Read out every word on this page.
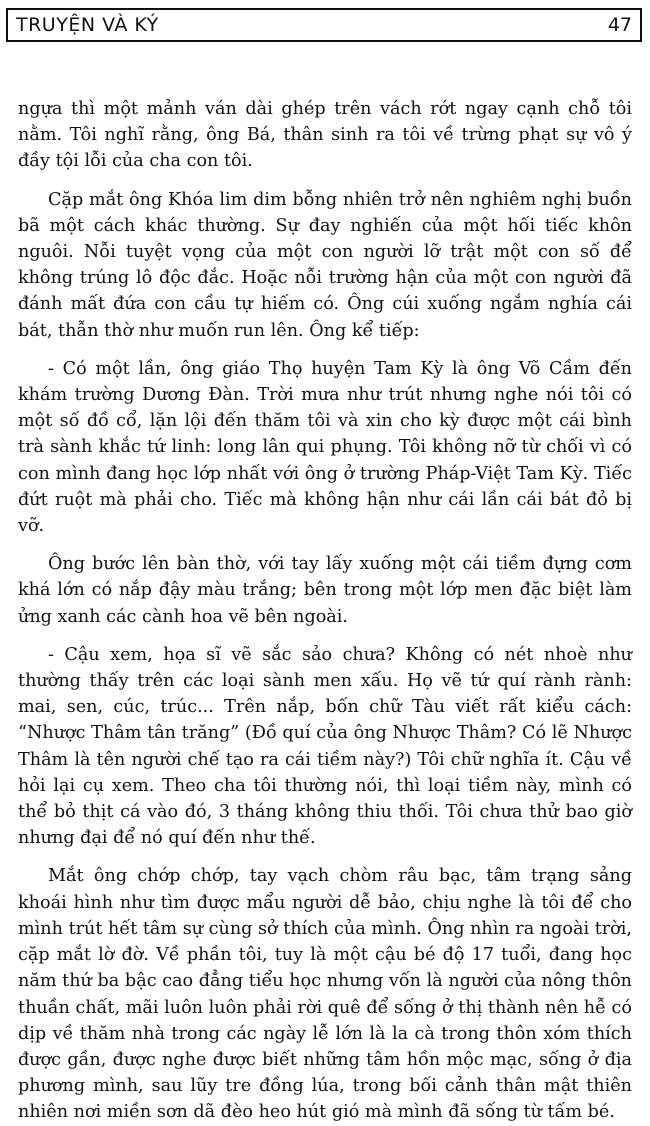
TRUYỆN VÀ KÝ	47

ngựa thì một mảnh ván dài ghép trên vách rớt ngay cạnh chỗ tôi nằm. Tôi nghĩ rằng, ông Bá, thân sinh ra tôi về trừng phạt sự vô ý đầy tội lỗi của cha con tôi.

Cặp mắt ông Khóa lim dim bỗng nhiên trở nên nghiêm nghị buồn bã một cách khác thường. Sự đay nghiến của một hối tiếc khôn nguôi. Nỗi tuyệt vọng của một con người lỡ trật một con số để không trúng lô độc đắc. Hoặc nỗi trường hận của một con người đã đánh mất đứa con cầu tự hiếm có. Ông cúi xuống ngắm nghía cái bát, thẫn thờ như muốn run lên. Ông kể tiếp:

- Có một lần, ông giáo Thọ huyện Tam Kỳ là ông Võ Cầm đến khám trường Dương Đàn. Trời mưa như trút nhưng nghe nói tôi có một số đồ cổ, lặn lội đến thăm tôi và xin cho kỳ được một cái bình trà sành khắc tứ linh: long lân qui phụng. Tôi không nỡ từ chối vì có con mình đang học lớp nhất với ông ở trường Pháp-Việt Tam Kỳ. Tiếc đứt ruột mà phải cho. Tiếc mà không hận như cái lần cái bát đỏ bị vỡ.

Ông bước lên bàn thờ, với tay lấy xuống một cái tiềm đựng cơm khá lớn có nắp đậy màu trắng; bên trong một lớp men đặc biệt làm ửng xanh các cành hoa vẽ bên ngoài.

- Cậu xem, họa sĩ vẽ sắc sảo chưa? Không có nét nhoè như thường thấy trên các loại sành men xấu. Họ vẽ tứ quí rành rành: mai, sen, cúc, trúc... Trên nắp, bốn chữ Tàu viết rất kiểu cách: “Nhược Thâm tân trăng” (Đồ quí của ông Nhược Thâm? Có lẽ Nhược Thâm là tên người chế tạo ra cái tiềm này?) Tôi chữ nghĩa ít. Cậu về hỏi lại cụ xem. Theo cha tôi thường nói, thì loại tiềm này, mình có thể bỏ thịt cá vào đó, 3 tháng không thiu thối. Tôi chưa thử bao giờ nhưng đại để nó quí đến như thế.

Mắt ông chớp chớp, tay vạch chòm râu bạc, tâm trạng sảng khoái hình như tìm được mẩu người dễ bảo, chịu nghe là tôi để cho mình trút hết tâm sự cùng sở thích của mình. Ông nhìn ra ngoài trời, cặp mắt lờ đờ. Về phần tôi, tuy là một cậu bé độ 17 tuổi, đang học năm thứ ba bậc cao đẳng tiểu học nhưng vốn là người của nông thôn thuần chất, mãi luôn luôn phải rời quê để sống ở thị thành nên hễ có dịp về thăm nhà trong các ngày lễ lớn là la cà trong thôn xóm thích được gần, được nghe được biết những tâm hồn mộc mạc, sống ở địa phương mình, sau lũy tre đồng lúa, trong bối cảnh thân mật thiên nhiên nơi miền sơn dã đèo heo hút gió mà mình đã sống từ tấm bé.
